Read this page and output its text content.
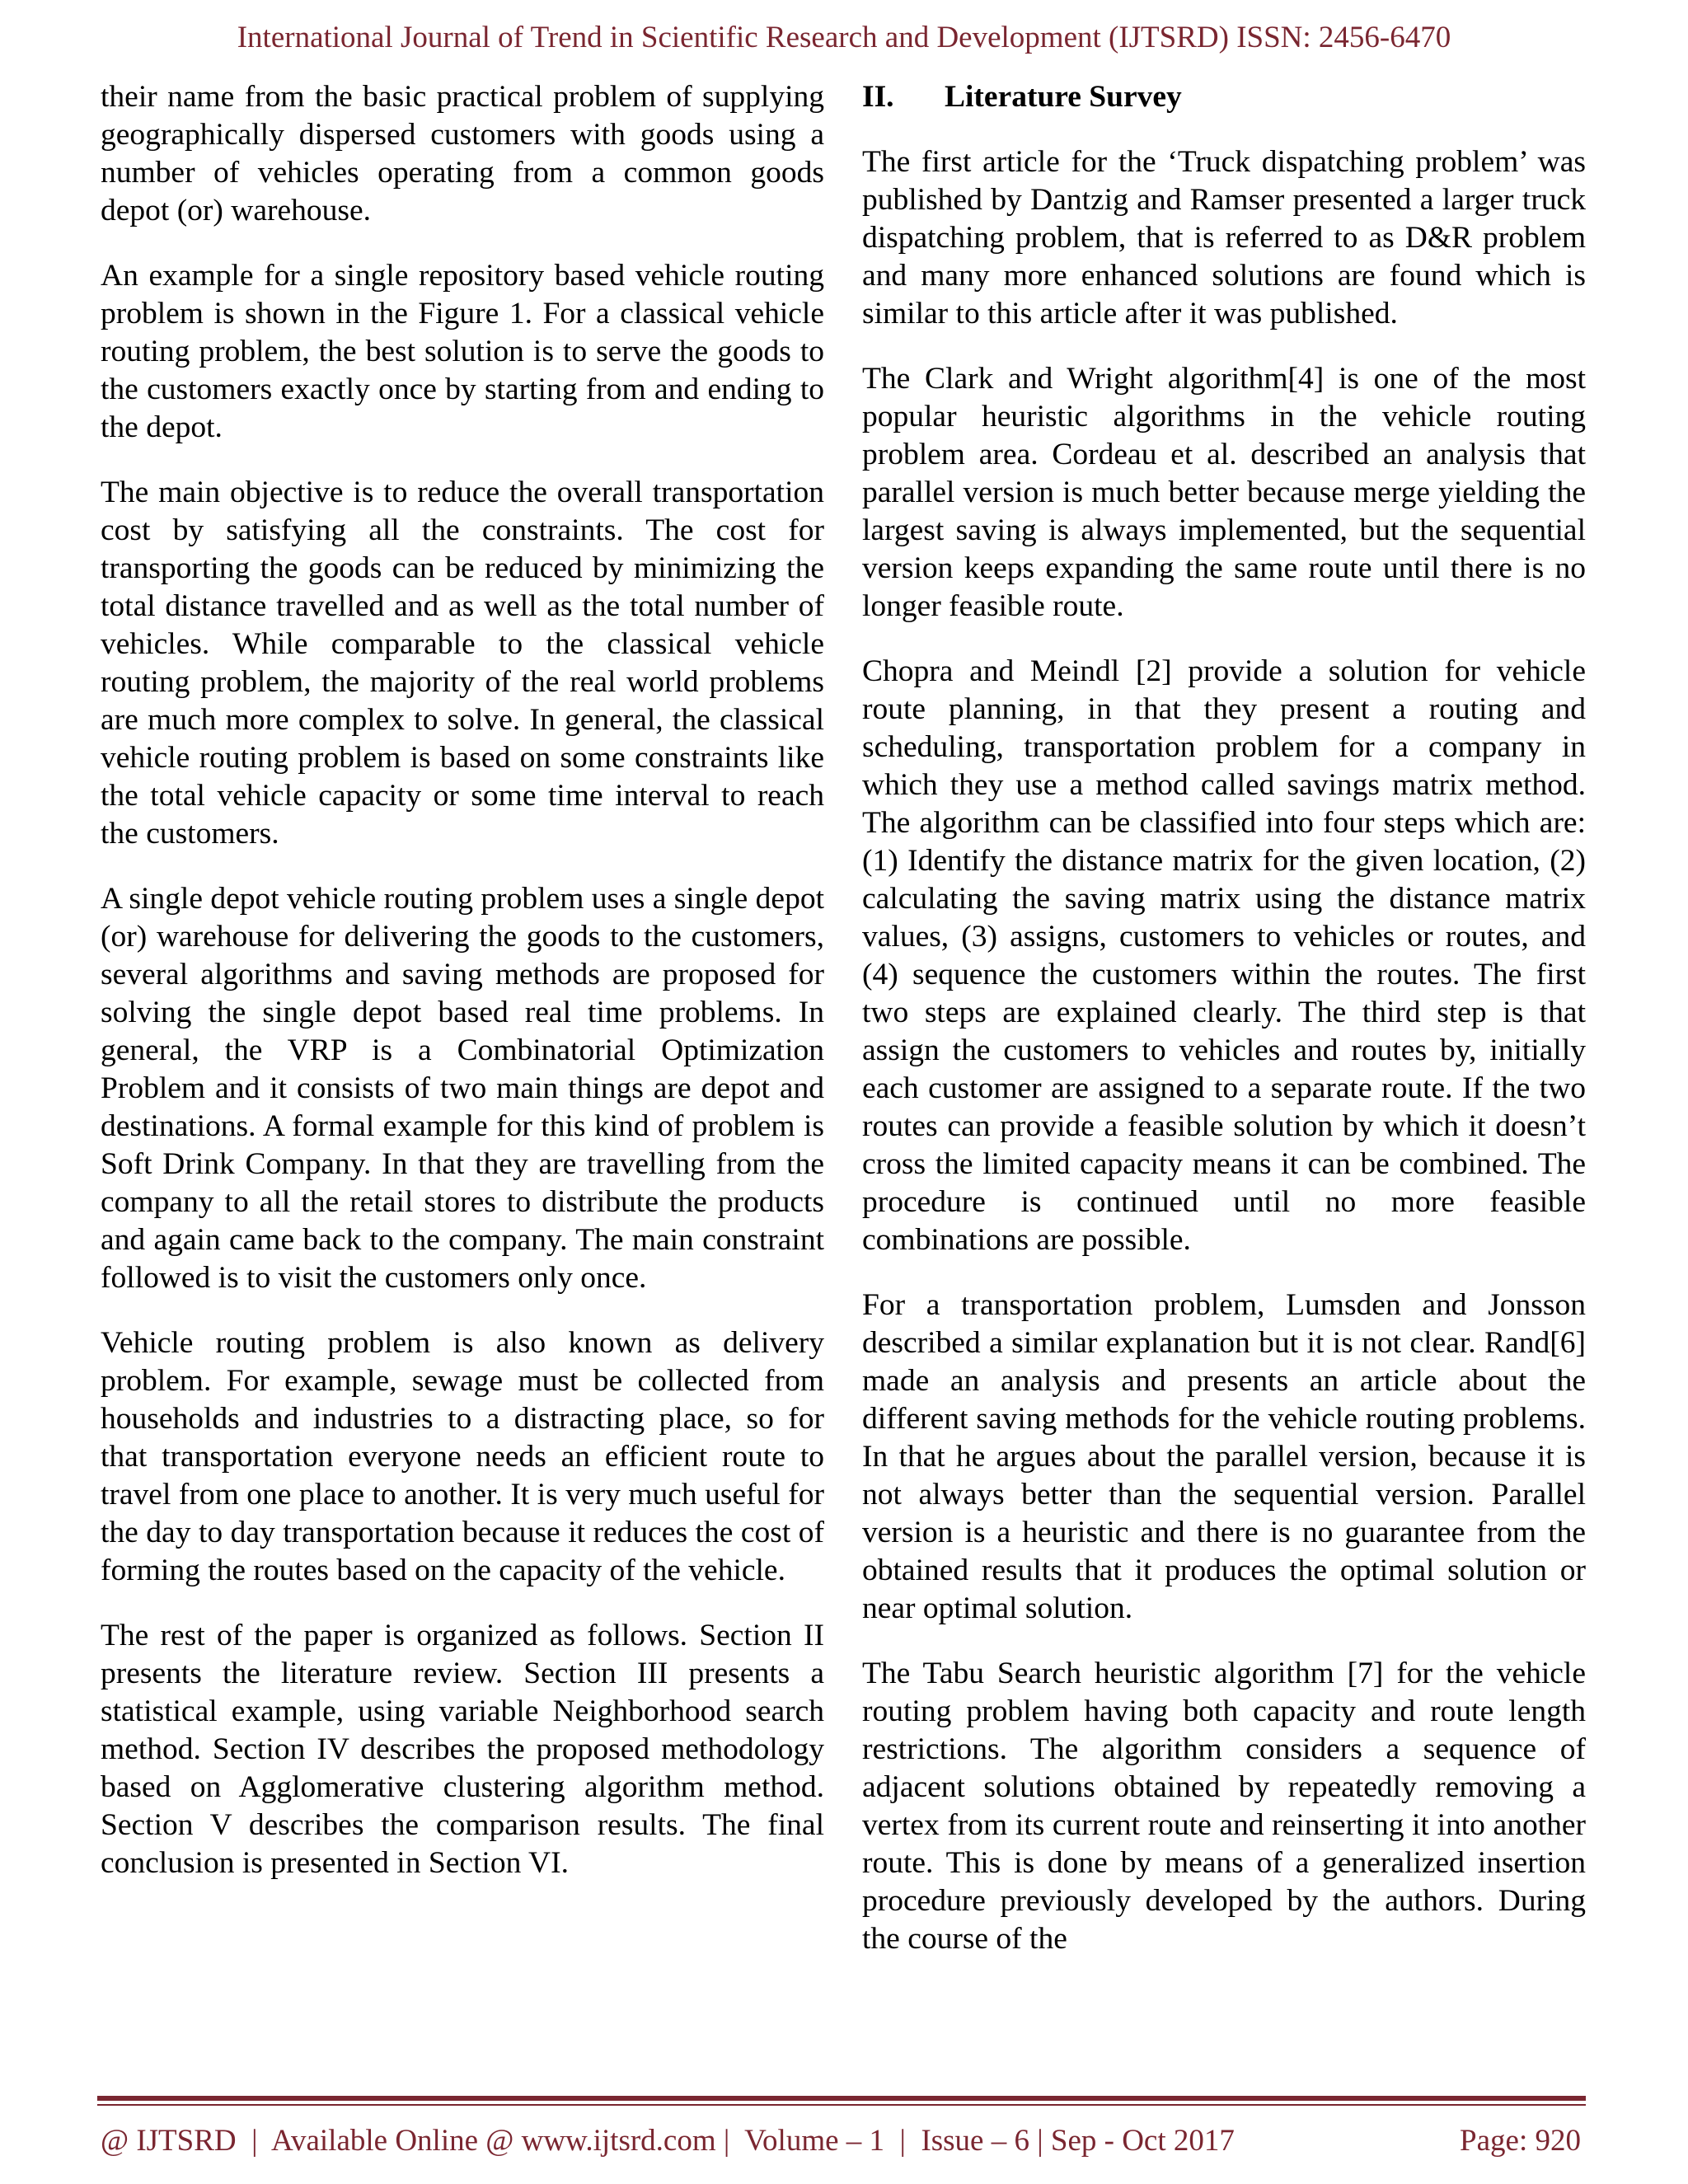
International Journal of Trend in Scientific Research and Development (IJTSRD) ISSN: 2456-6470

their name from the basic practical problem of supplying geographically dispersed customers with goods using a number of vehicles operating from a common goods depot (or) warehouse.

An example for a single repository based vehicle routing problem is shown in the Figure 1. For a classical vehicle routing problem, the best solution is to serve the goods to the customers exactly once by starting from and ending to the depot.

The main objective is to reduce the overall transportation cost by satisfying all the constraints. The cost for transporting the goods can be reduced by minimizing the total distance travelled and as well as the total number of vehicles. While comparable to the classical vehicle routing problem, the majority of the real world problems are much more complex to solve. In general, the classical vehicle routing problem is based on some constraints like the total vehicle capacity or some time interval to reach the customers.

A single depot vehicle routing problem uses a single depot (or) warehouse for delivering the goods to the customers, several algorithms and saving methods are proposed for solving the single depot based real time problems. In general, the VRP is a Combinatorial Optimization Problem and it consists of two main things are depot and destinations. A formal example for this kind of problem is Soft Drink Company. In that they are travelling from the company to all the retail stores to distribute the products and again came back to the company. The main constraint followed is to visit the customers only once.

Vehicle routing problem is also known as delivery problem. For example, sewage must be collected from households and industries to a distracting place, so for that transportation everyone needs an efficient route to travel from one place to another. It is very much useful for the day to day transportation because it reduces the cost of forming the routes based on the capacity of the vehicle.

The rest of the paper is organized as follows. Section II presents the literature review. Section III presents a statistical example, using variable Neighborhood search method. Section IV describes the proposed methodology based on Agglomerative clustering algorithm method. Section V describes the comparison results. The final conclusion is presented in Section VI.

II. Literature Survey

The first article for the ‘Truck dispatching problem’ was published by Dantzig and Ramser presented a larger truck dispatching problem, that is referred to as D&R problem and many more enhanced solutions are found which is similar to this article after it was published.

The Clark and Wright algorithm[4] is one of the most popular heuristic algorithms in the vehicle routing problem area. Cordeau et al. described an analysis that parallel version is much better because merge yielding the largest saving is always implemented, but the sequential version keeps expanding the same route until there is no longer feasible route.

Chopra and Meindl [2] provide a solution for vehicle route planning, in that they present a routing and scheduling, transportation problem for a company in which they use a method called savings matrix method. The algorithm can be classified into four steps which are: (1) Identify the distance matrix for the given location, (2) calculating the saving matrix using the distance matrix values, (3) assigns, customers to vehicles or routes, and (4) sequence the customers within the routes. The first two steps are explained clearly. The third step is that assign the customers to vehicles and routes by, initially each customer are assigned to a separate route. If the two routes can provide a feasible solution by which it doesn’t cross the limited capacity means it can be combined. The procedure is continued until no more feasible combinations are possible.

For a transportation problem, Lumsden and Jonsson described a similar explanation but it is not clear. Rand[6] made an analysis and presents an article about the different saving methods for the vehicle routing problems. In that he argues about the parallel version, because it is not always better than the sequential version. Parallel version is a heuristic and there is no guarantee from the obtained results that it produces the optimal solution or near optimal solution.

The Tabu Search heuristic algorithm [7] for the vehicle routing problem having both capacity and route length restrictions. The algorithm considers a sequence of adjacent solutions obtained by repeatedly removing a vertex from its current route and reinserting it into another route. This is done by means of a generalized insertion procedure previously developed by the authors. During the course of the

@ IJTSRD  |  Available Online @ www.ijtsrd.com |  Volume – 1  |  Issue – 6 | Sep - Oct 2017	Page: 920
